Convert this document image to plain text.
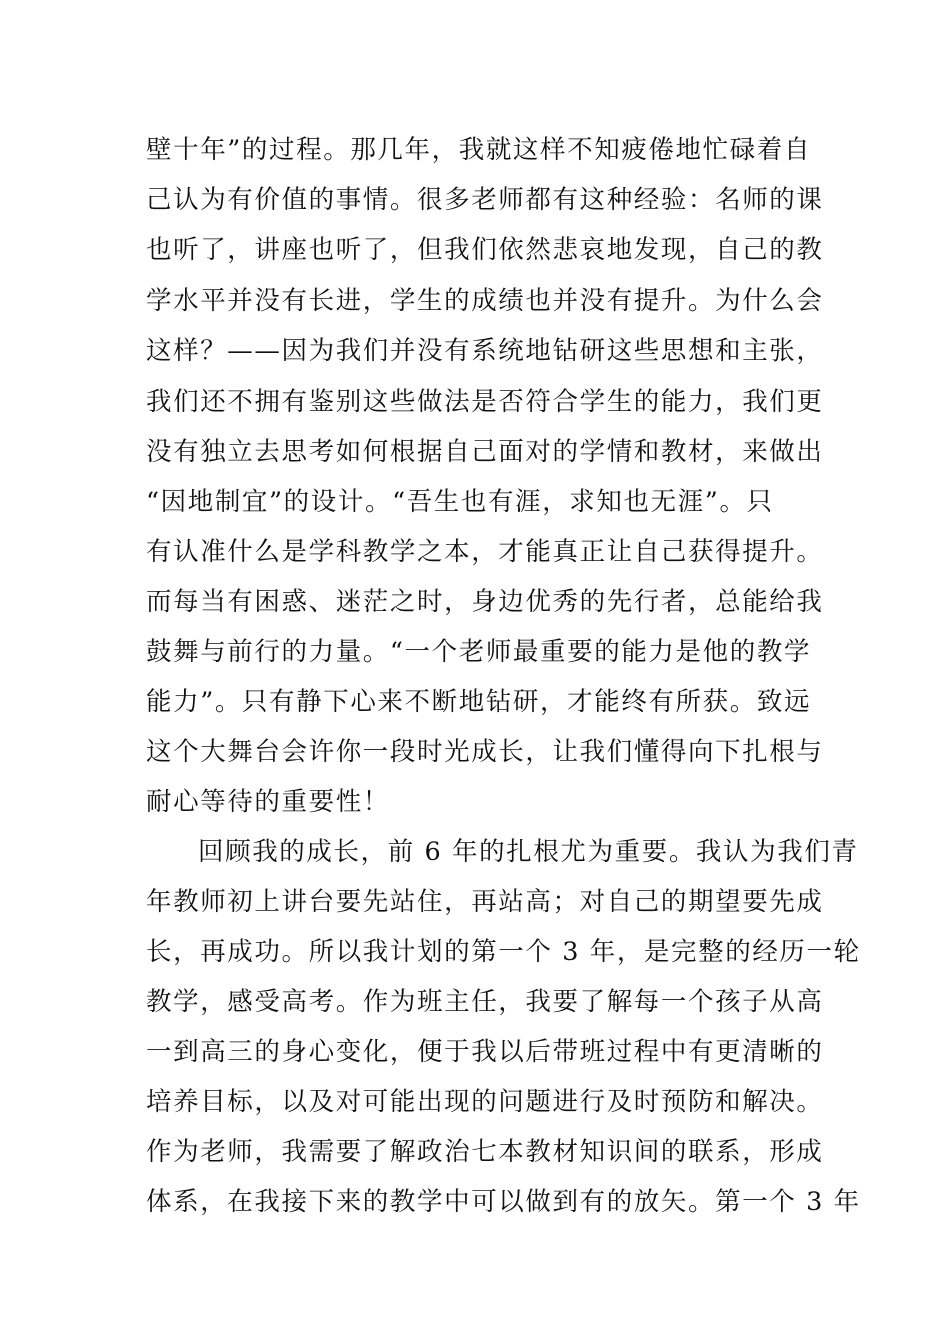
壁十年”的过程。那几年，我就这样不知疲倦地忙碌着自
己认为有价值的事情。很多老师都有这种经验：名师的课
也听了，讲座也听了，但我们依然悲哀地发现，自己的教
学水平并没有长进，学生的成绩也并没有提升。为什么会
这样？——因为我们并没有系统地钻研这些思想和主张，
我们还不拥有鉴别这些做法是否符合学生的能力，我们更
没有独立去思考如何根据自己面对的学情和教材，来做出
“因地制宜”的设计。“吾生也有涯，求知也无涯”。只
有认准什么是学科教学之本，才能真正让自己获得提升。
而每当有困惑、迷茫之时，身边优秀的先行者，总能给我
鼓舞与前行的力量。“一个老师最重要的能力是他的教学
能力”。只有静下心来不断地钻研，才能终有所获。致远
这个大舞台会许你一段时光成长，让我们懂得向下扎根与
耐心等待的重要性！
回顾我的成长，前 6 年的扎根尤为重要。我认为我们青
年教师初上讲台要先站住，再站高；对自己的期望要先成
长，再成功。所以我计划的第一个 3 年，是完整的经历一轮
教学，感受高考。作为班主任，我要了解每一个孩子从高
一到高三的身心变化，便于我以后带班过程中有更清晰的
培养目标，以及对可能出现的问题进行及时预防和解决。
作为老师，我需要了解政治七本教材知识间的联系，形成
体系，在我接下来的教学中可以做到有的放矢。第一个 3 年
